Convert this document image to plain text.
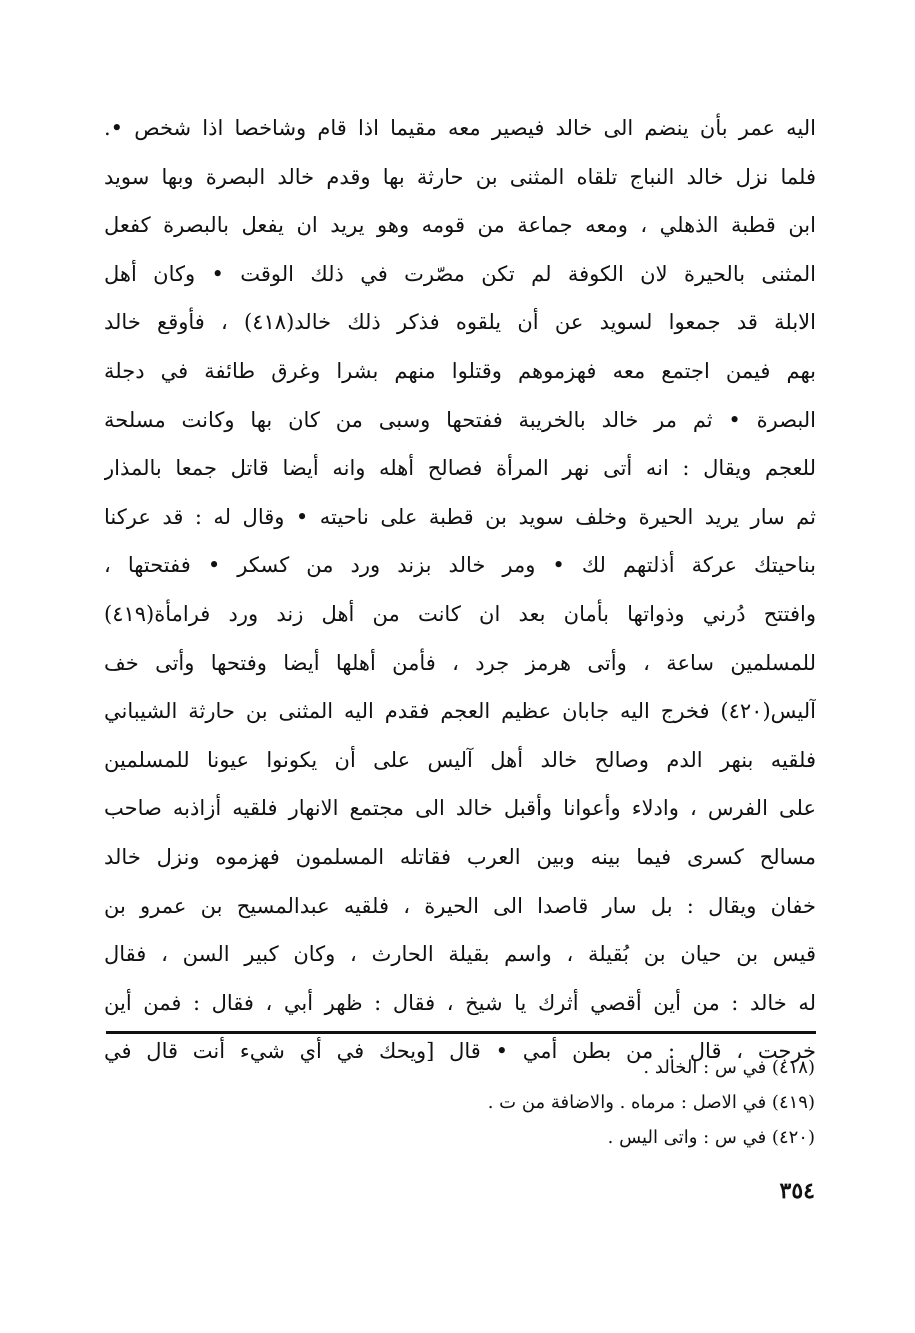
اليه عمر بأن ينضم الى خالد فيصير معه مقيما اذا قام وشاخصا اذا شخص •.
فلما نزل خالد النباج تلقاه المثنى بن حارثة بها وقدم خالد البصرة وبها سويد
ابن قطبة الذهلي ، ومعه جماعة من قومه وهو يريد ان يفعل بالبصرة كفعل
المثنى بالحيرة لان الكوفة لم تكن مصّرت في ذلك الوقت • وكان أهل
الابلة قد جمعوا لسويد عن أن يلقوه فذكر ذلك خالد(٤١٨) ، فأوقع خالد
بهم فيمن اجتمع معه فهزموهم وقتلوا منهم بشرا وغرق طائفة في دجلة
البصرة • ثم مر خالد بالخريبة ففتحها وسبى من كان بها وكانت مسلحة
للعجم ويقال : انه أتى نهر المرأة فصالح أهله وانه أيضا قاتل جمعا بالمذار
ثم سار يريد الحيرة وخلف سويد بن قطبة على ناحيته • وقال له : قد عركنا
بناحيتك عركة أذلتهم لك • ومر خالد بزند ورد من كسكر • ففتحتها ،
وافتتح دُرني وذواتها بأمان بعد ان كانت من أهل زند ورد فرامأة(٤١٩)
للمسلمين ساعة ، وأتى هرمز جرد ، فأمن أهلها أيضا وفتحها وأتى خف
آليس(٤٢٠) فخرج اليه جابان عظيم العجم فقدم اليه المثنى بن حارثة الشيباني
فلقيه بنهر الدم وصالح خالد أهل آليس على أن يكونوا عيونا للمسلمين
على الفرس ، وادلاء وأعوانا وأقبل خالد الى مجتمع الانهار فلقيه أزاذبه صاحب
مسالح كسرى فيما بينه وبين العرب فقاتله المسلمون فهزموه ونزل خالد
خفان ويقال : بل سار قاصدا الى الحيرة ، فلقيه عبدالمسيح بن عمرو بن
قيس بن حيان بن بُقيلة ، واسم بقيلة الحارث ، وكان كبير السن ، فقال
له خالد : من أين أقصي أثرك يا شيخ ، فقال : ظهر أبي ، فقال : فمن أين
خرجت ، قال : من بطن أمي • قال [ويحك في أي شيء أنت قال في
(٤١٨) في س : الخالد .
(٤١٩) في الاصل : مرماه . والاضافة من ت .
(٤٢٠) في س : واتى اليس .
٣٥٤
